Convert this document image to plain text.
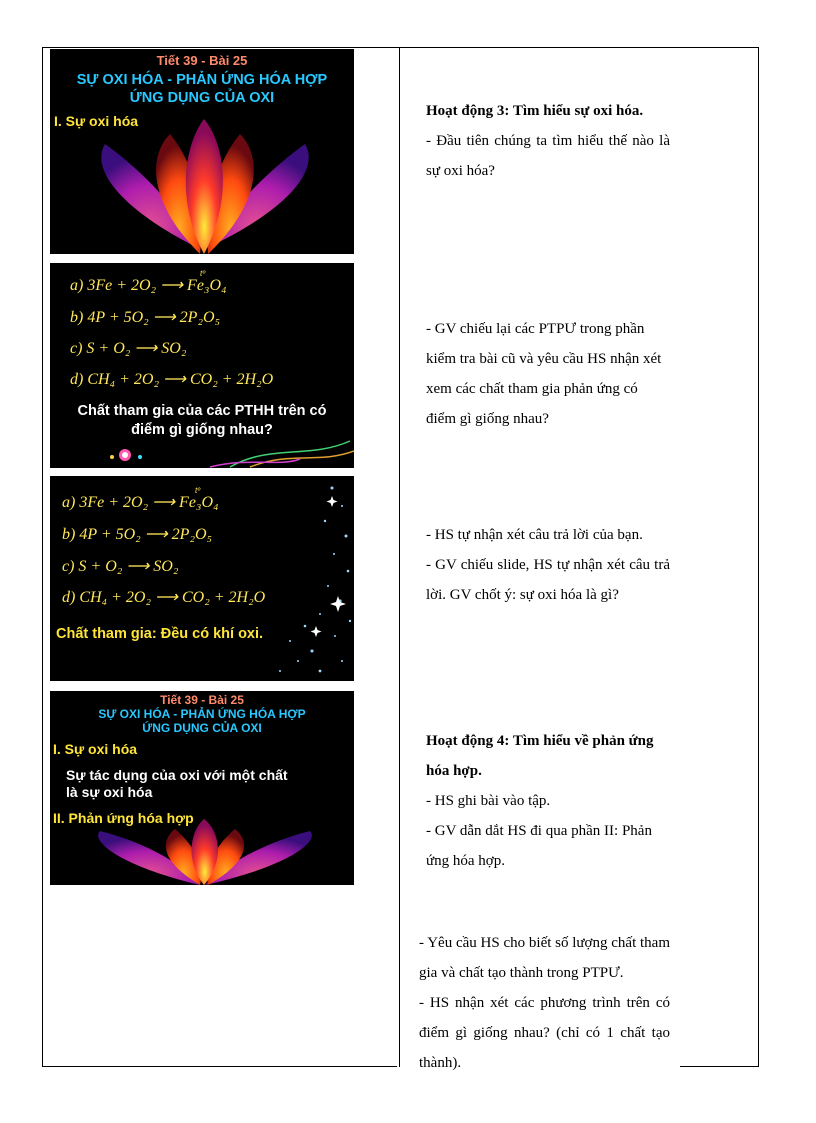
Tiết 39 - Bài 25
SỰ OXI HÓA - PHẢN ỨNG HÓA HỢP
ỨNG DỤNG CỦA OXI
I. Sự oxi hóa
a) 3Fe + 2O₂ ⟶ Fe₃O₄
b) 4P + 5O₂ ⟶ 2P₂O₅
c) S + O₂ ⟶ SO₂
d) CH₄ + 2O₂ ⟶ CO₂ + 2H₂O
tº
Chất tham gia của các PTHH trên có
điểm gì giống nhau?
a) 3Fe + 2O₂ ⟶ Fe₃O₄
b) 4P + 5O₂ ⟶ 2P₂O₅
c) S + O₂ ⟶ SO₂
d) CH₄ + 2O₂ ⟶ CO₂ + 2H₂O
tº
Chất tham gia: Đều có khí oxi.
Tiết 39 - Bài 25
SỰ OXI HÓA - PHẢN ỨNG HÓA HỢP
ỨNG DỤNG CỦA OXI
I. Sự oxi hóa
Sự tác dụng của oxi với một chất
là sự oxi hóa
II. Phản ứng hóa hợp

Hoạt động 3: Tìm hiểu sự oxi hóa.

- Đầu tiên chúng ta tìm hiểu thế nào là sự oxi hóa?

- GV chiếu lại các PTPƯ trong phần kiểm tra bài cũ và yêu cầu HS nhận xét xem các chất tham gia phản ứng có điểm gì giống nhau?

- HS tự nhận xét câu trả lời của bạn.

- GV chiếu slide, HS tự nhận xét câu trả lời. GV chốt ý: sự oxi hóa là gì?

Hoạt động 4: Tìm hiểu về phản ứng hóa hợp.

- HS ghi bài vào tập.

- GV dẫn dắt HS đi qua phần II: Phản ứng hóa hợp.

- Yêu cầu HS cho biết số lượng chất tham gia và chất tạo thành trong PTPƯ.

- HS nhận xét các phương trình trên có điểm gì giống nhau? (chỉ có 1 chất tạo thành).
